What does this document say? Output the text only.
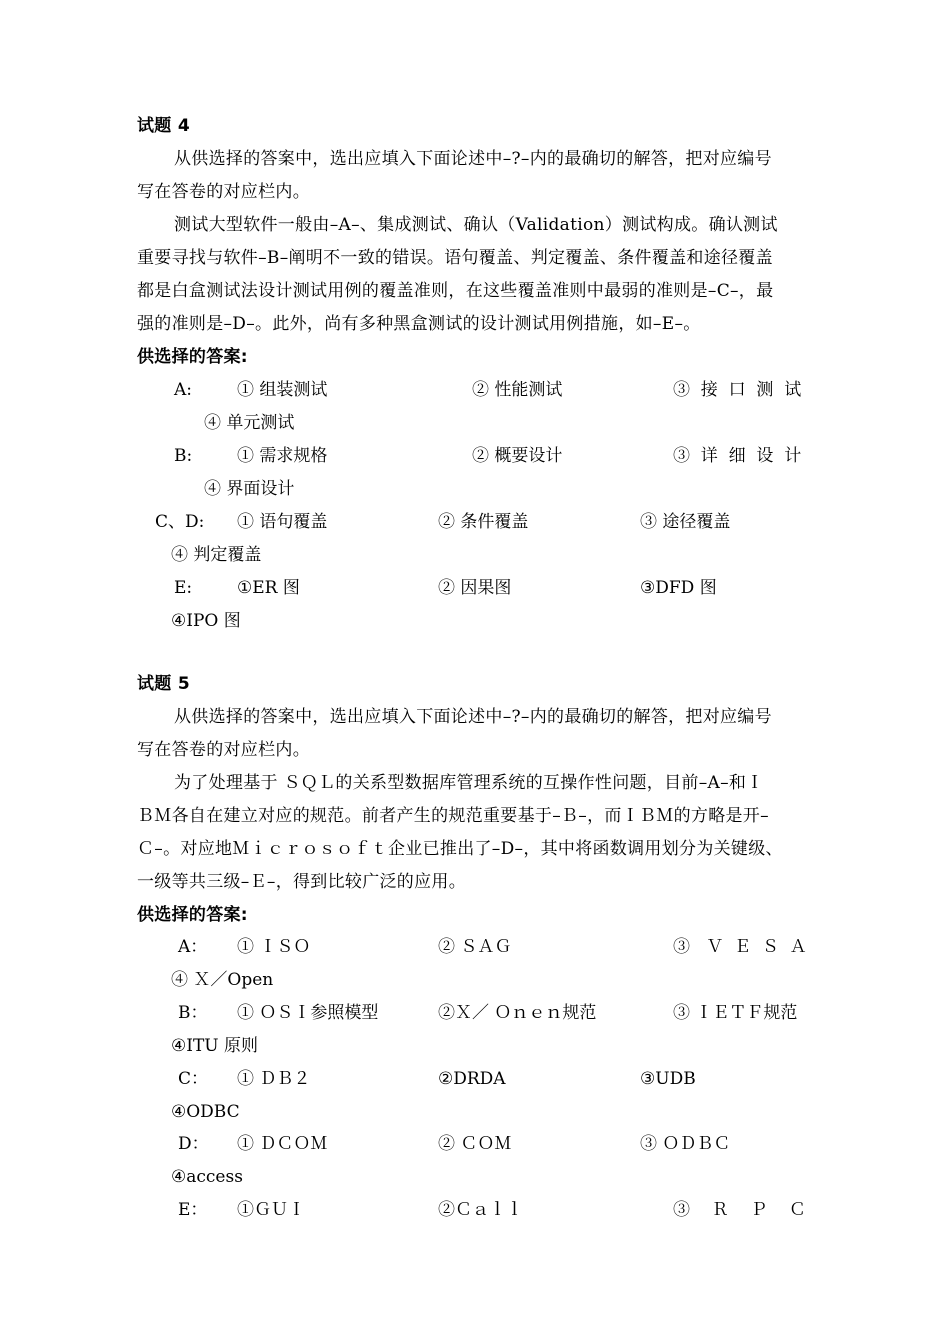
试题 4
从供选择的答案中，选出应填入下面论述中–?–内的最确切的解答，把对应编号
写在答卷的对应栏内。
测试大型软件一般由–A–、集成测试、确认（Validation）测试构成。确认测试
重要寻找与软件–B–阐明不一致的错误。语句覆盖、判定覆盖、条件覆盖和途径覆盖
都是白盒测试法设计测试用例的覆盖准则，在这些覆盖准则中最弱的准则是–C–，最
强的准则是–D–。此外，尚有多种黑盒测试的设计测试用例措施，如–E–。
供选择的答案:
A:	① 组装测试	② 性能测试	③  接  口  测  试
④ 单元测试
B:	① 需求规格	② 概要设计	③  详  细  设  计
④ 界面设计
C、D: ① 语句覆盖	② 条件覆盖	③ 途径覆盖
④ 判定覆盖
E:	①ER 图	② 因果图	③DFD 图
④IPO 图
试题 5
从供选择的答案中，选出应填入下面论述中–?–内的最确切的解答，把对应编号
写在答卷的对应栏内。
为了处理基于 ＳＱＬ的关系型数据库管理系统的互操作性问题，目前–A–和Ｉ
ＢＭ各自在建立对应的规范。前者产生的规范重要基于–Ｂ–，而ＩＢＭ的方略是开–
Ｃ–。对应地Ｍｉｃｒｏｓｏｆｔ企业已推出了–D–，其中将函数调用划分为关键级、
一级等共三级–Ｅ–，得到比较广泛的应用。
供选择的答案:
A： ① ＩＳＯ	② ＳＡＧ	③   Ｖ  Ｅ  Ｓ  Ａ
④ Ｘ／Open
B： ① ＯＳＩ参照模型	②Ｘ／ Ｏｎｅｎ规范	③ ＩＥＴＦ规范
④ITU 原则
C： ① ＤＢ２	②DRDA	③UDB
④ODBC
D： ① ＤＣＯＭ	② ＣＯＭ	③ ＯＤＢＣ
④access
E： ①ＧＵＩ	②Ｃａｌｌ	③    Ｒ    Ｐ    Ｃ
